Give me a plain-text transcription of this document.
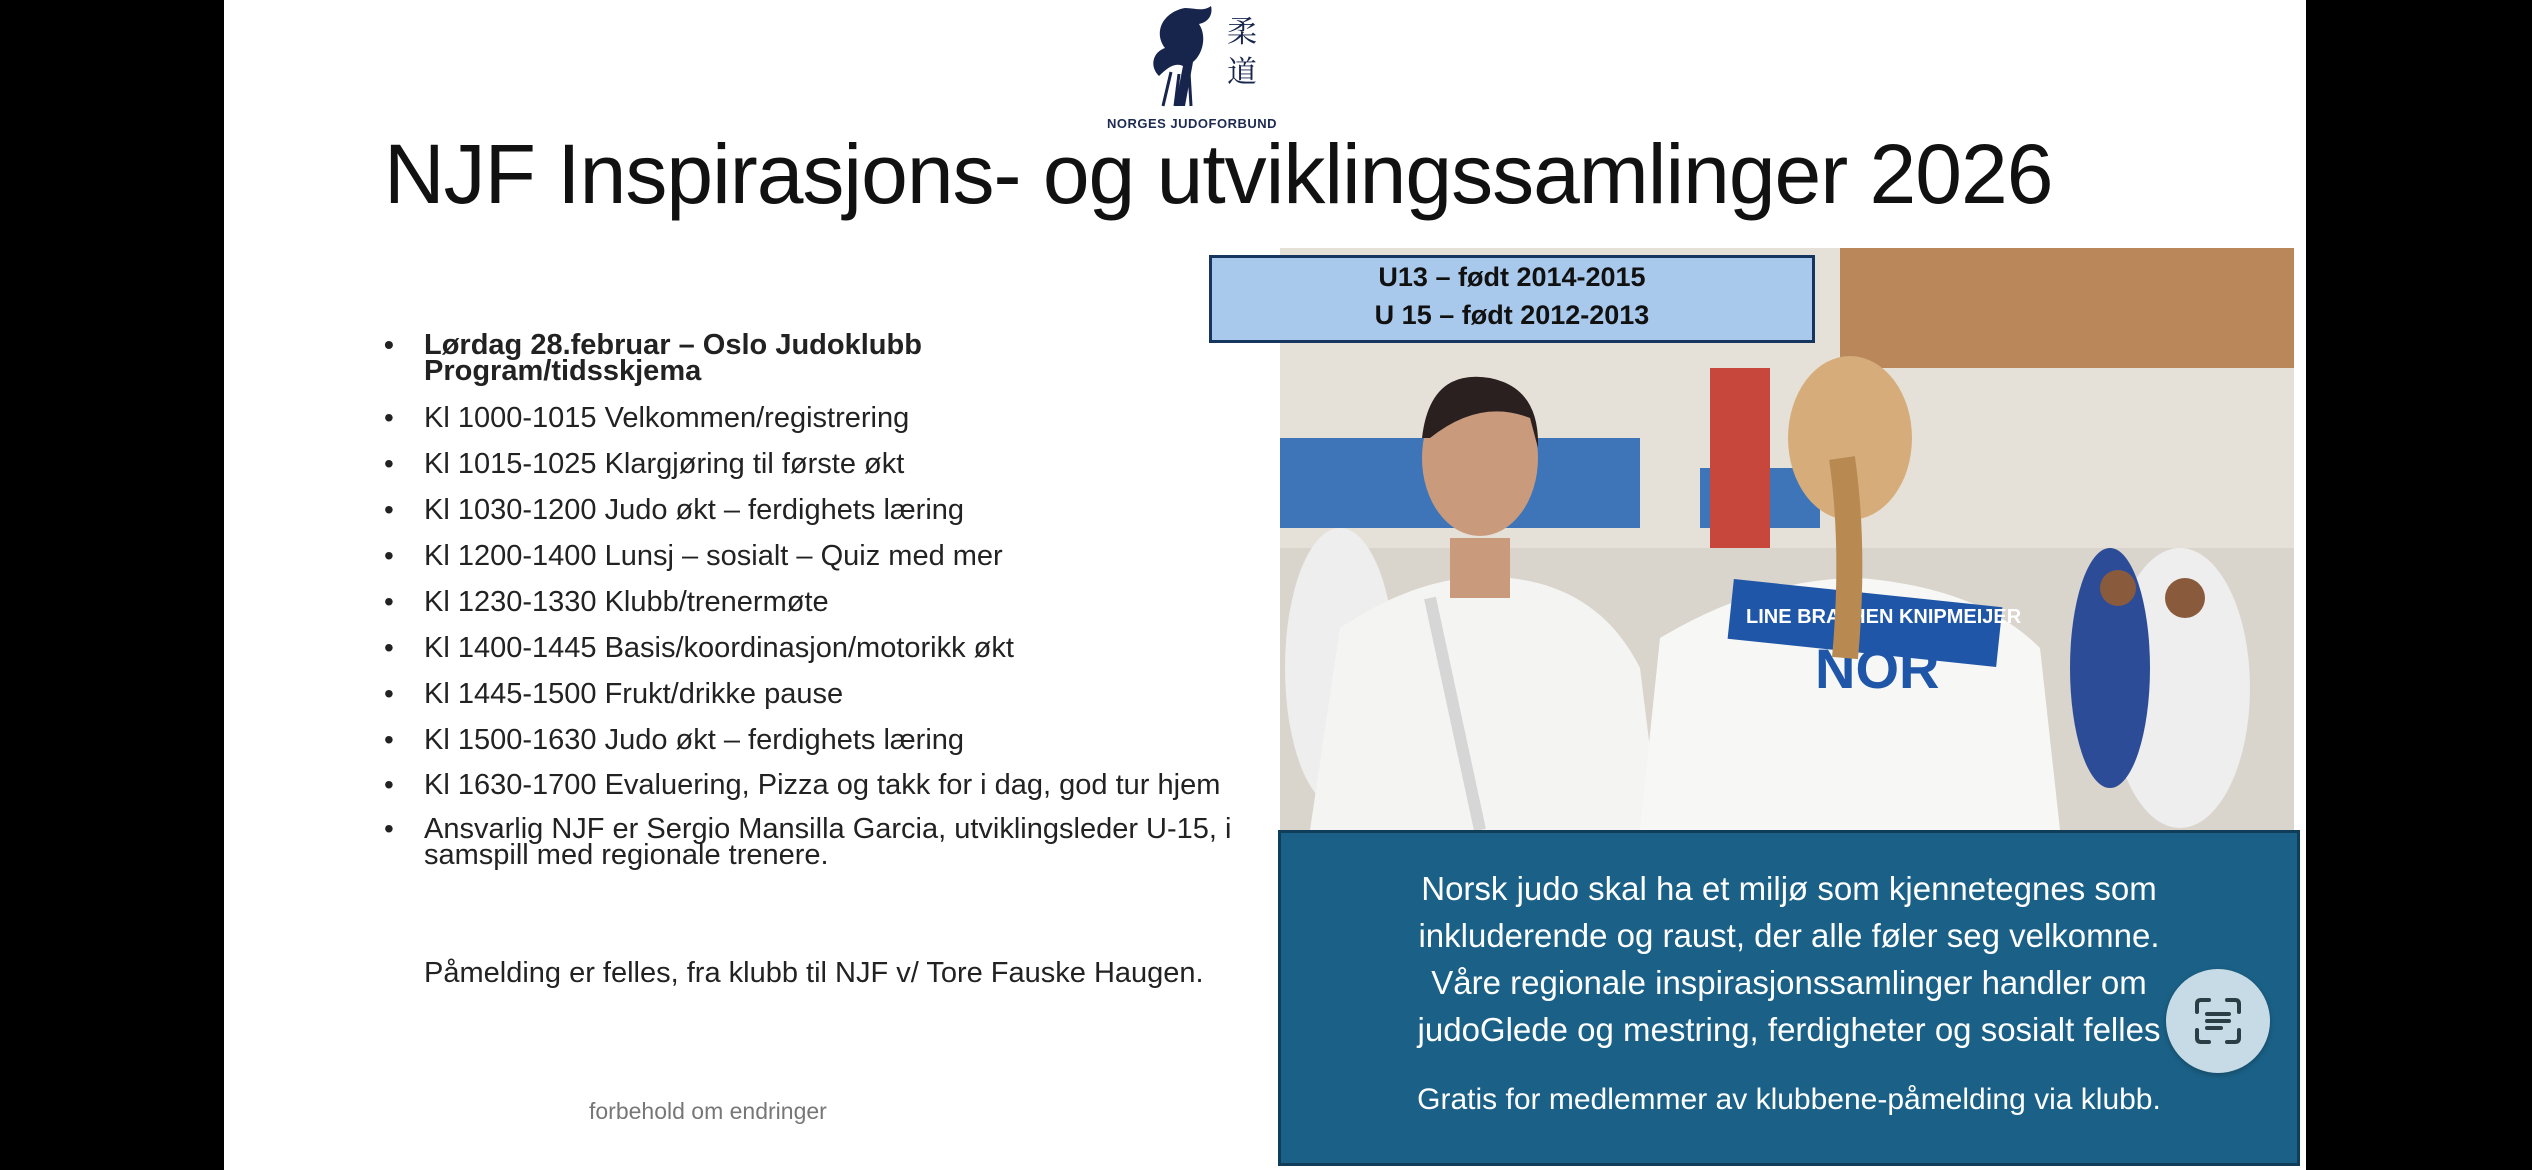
柔
道
NORGES JUDOFORBUND
NJF Inspirasjons- og utviklingssamlinger 2026
• Lørdag 28.februar – Oslo Judoklubb
Program/tidsskjema
• Kl 1000-1015 Velkommen/registrering
• Kl 1015-1025 Klargjøring til første økt
• Kl 1030-1200 Judo økt – ferdighets læring
• Kl 1200-1400 Lunsj – sosialt – Quiz med mer
• Kl 1230-1330 Klubb/trenermøte
• Kl 1400-1445 Basis/koordinasjon/motorikk økt
• Kl 1445-1500 Frukt/drikke pause
• Kl 1500-1630 Judo økt – ferdighets læring
• Kl 1630-1700 Evaluering, Pizza og takk for i dag, god tur hjem
• Ansvarlig NJF er Sergio Mansilla Garcia, utviklingsleder U-15, i samspill med regionale trenere.
Påmelding er felles, fra klubb til NJF v/ Tore Fauske Haugen.
forbehold om endringer
LINE BRATHEN KNIPMEIJER
NOR
Norsk judo skal ha et miljø som kjennetegnes som
inkluderende og raust, der alle føler seg velkomne.
Våre regionale inspirasjonssamlinger handler om
judoGlede og mestring, ferdigheter og sosialt felles
Gratis for medlemmer av klubbene-påmelding via klubb.
U13 – født 2014-2015
U 15 – født 2012-2013
